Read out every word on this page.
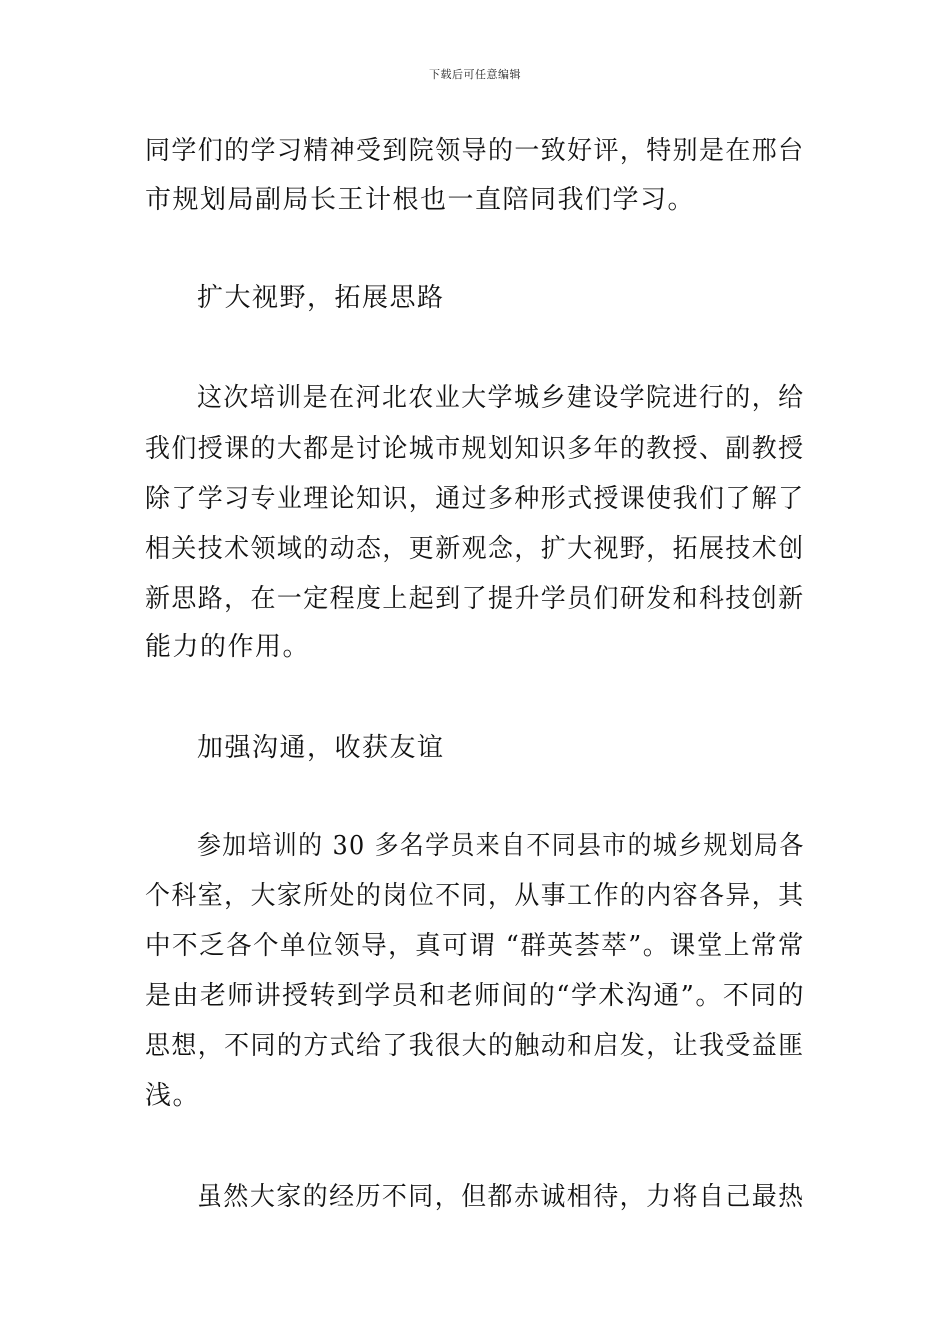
下载后可任意编辑
同学们的学习精神受到院领导的一致好评，特别是在邢台
市规划局副局长王计根也一直陪同我们学习。
扩大视野，拓展思路
这次培训是在河北农业大学城乡建设学院进行的，给
我们授课的大都是讨论城市规划知识多年的教授、副教授
除了学习专业理论知识，通过多种形式授课使我们了解了
相关技术领域的动态，更新观念，扩大视野，拓展技术创
新思路，在一定程度上起到了提升学员们研发和科技创新
能力的作用。
加强沟通，收获友谊
参加培训的 30 多名学员来自不同县市的城乡规划局各
个科室，大家所处的岗位不同，从事工作的内容各异，其
中不乏各个单位领导，真可谓 “群英荟萃”。课堂上常常
是由老师讲授转到学员和老师间的“学术沟通”。不同的
思想，不同的方式给了我很大的触动和启发，让我受益匪
浅。
虽然大家的经历不同，但都赤诚相待，力将自己最热
